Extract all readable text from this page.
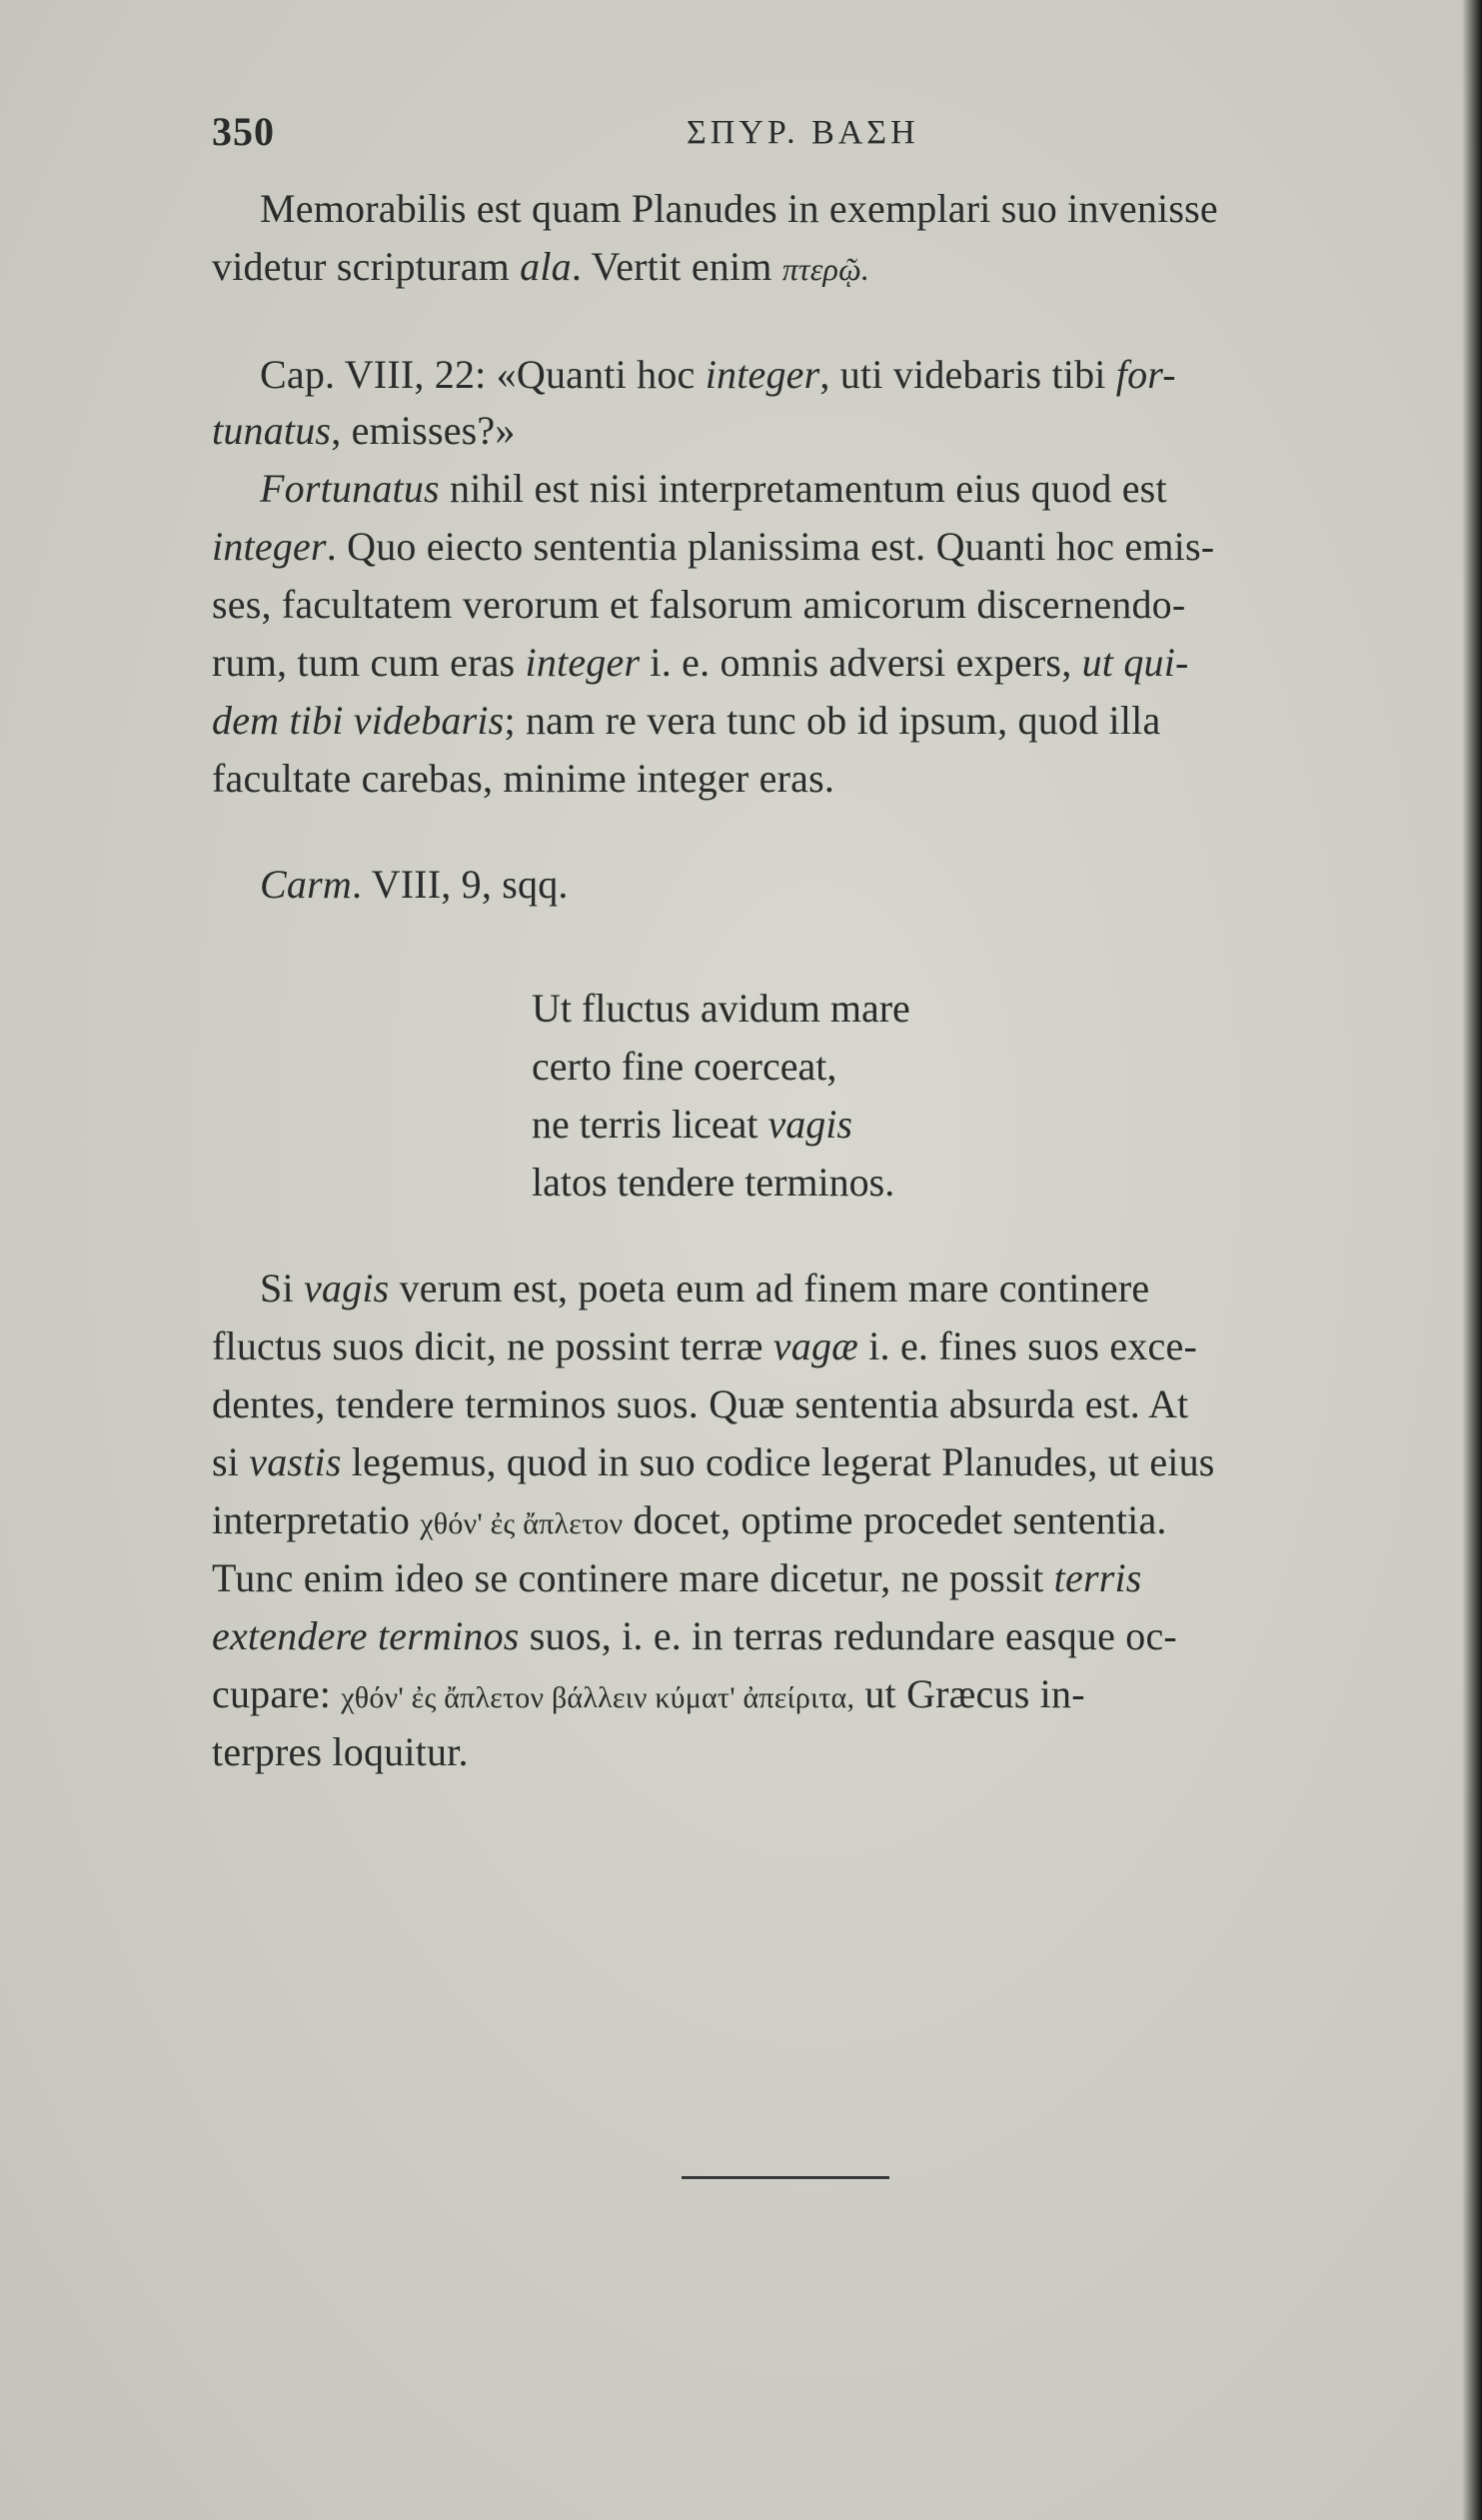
350	ΣΠΥΡ. ΒΑΣΗ
Memorabilis est quam Planudes in exemplari suo invenisse
videtur scripturam ala. Vertit enim πτερῷ.
Cap. VIII, 22: «Quanti hoc integer, uti videbaris tibi for-
tunatus, emisses?»
Fortunatus nihil est nisi interpretamentum eius quod est
integer. Quo eiecto sententia planissima est. Quanti hoc emis-
ses, facultatem verorum et falsorum amicorum discernendo-
rum, tum cum eras integer i. e. omnis adversi expers, ut qui-
dem tibi videbaris; nam re vera tunc ob id ipsum, quod illa
facultate carebas, minime integer eras.
Carm. VIII, 9, sqq.
Ut fluctus avidum mare
certo fine coerceat,
ne terris liceat vagis
latos tendere terminos.
Si vagis verum est, poeta eum ad finem mare continere
fluctus suos dicit, ne possint terræ vagæ i. e. fines suos exce-
dentes, tendere terminos suos. Quæ sententia absurda est. At
si vastis legemus, quod in suo codice legerat Planudes, ut eius
interpretatio χθόν' ἐς ἄπλετον docet, optime procedet sententia.
Tunc enim ideo se continere mare dicetur, ne possit terris
extendere terminos suos, i. e. in terras redundare easque oc-
cupare: χθόν' ἐς ἄπλετον βάλλειν κύματ' ἀπείριτα, ut Græcus in-
terpres loquitur.
